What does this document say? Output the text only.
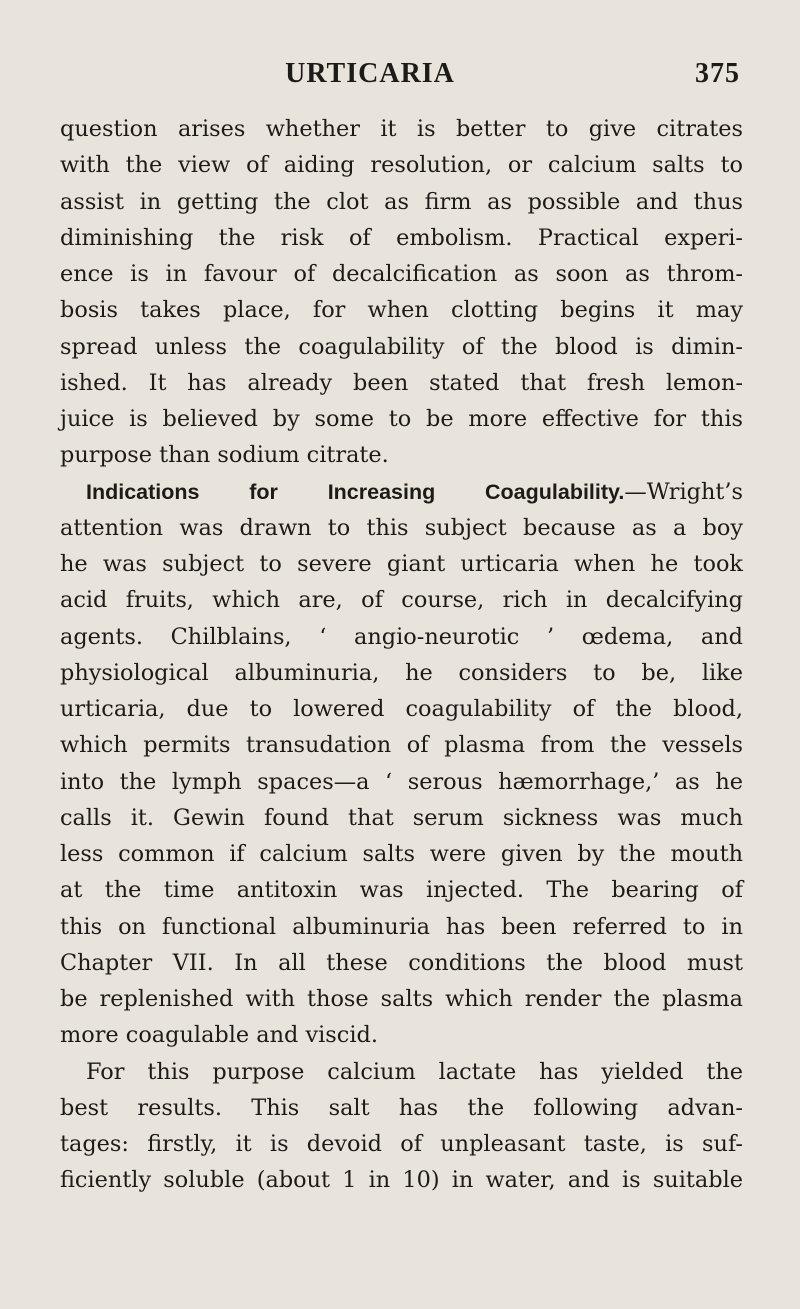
URTICARIA	375
question arises whether it is better to give citrates
with the view of aiding resolution, or calcium salts to
assist in getting the clot as firm as possible and thus
diminishing the risk of embolism. Practical experi-
ence is in favour of decalcification as soon as throm-
bosis takes place, for when clotting begins it may
spread unless the coagulability of the blood is dimin-
ished. It has already been stated that fresh lemon-
juice is believed by some to be more effective for this
purpose than sodium citrate.
Indications for Increasing Coagulability.—Wright’s
attention was drawn to this subject because as a boy
he was subject to severe giant urticaria when he took
acid fruits, which are, of course, rich in decalcifying
agents. Chilblains, ‘ angio-neurotic ’ œdema, and
physiological albuminuria, he considers to be, like
urticaria, due to lowered coagulability of the blood,
which permits transudation of plasma from the vessels
into the lymph spaces—a ‘ serous hæmorrhage,’ as he
calls it. Gewin found that serum sickness was much
less common if calcium salts were given by the mouth
at the time antitoxin was injected. The bearing of
this on functional albuminuria has been referred to in
Chapter VII. In all these conditions the blood must
be replenished with those salts which render the plasma
more coagulable and viscid.
For this purpose calcium lactate has yielded the
best results. This salt has the following advan-
tages: firstly, it is devoid of unpleasant taste, is suf-
ficiently soluble (about 1 in 10) in water, and is suitable
